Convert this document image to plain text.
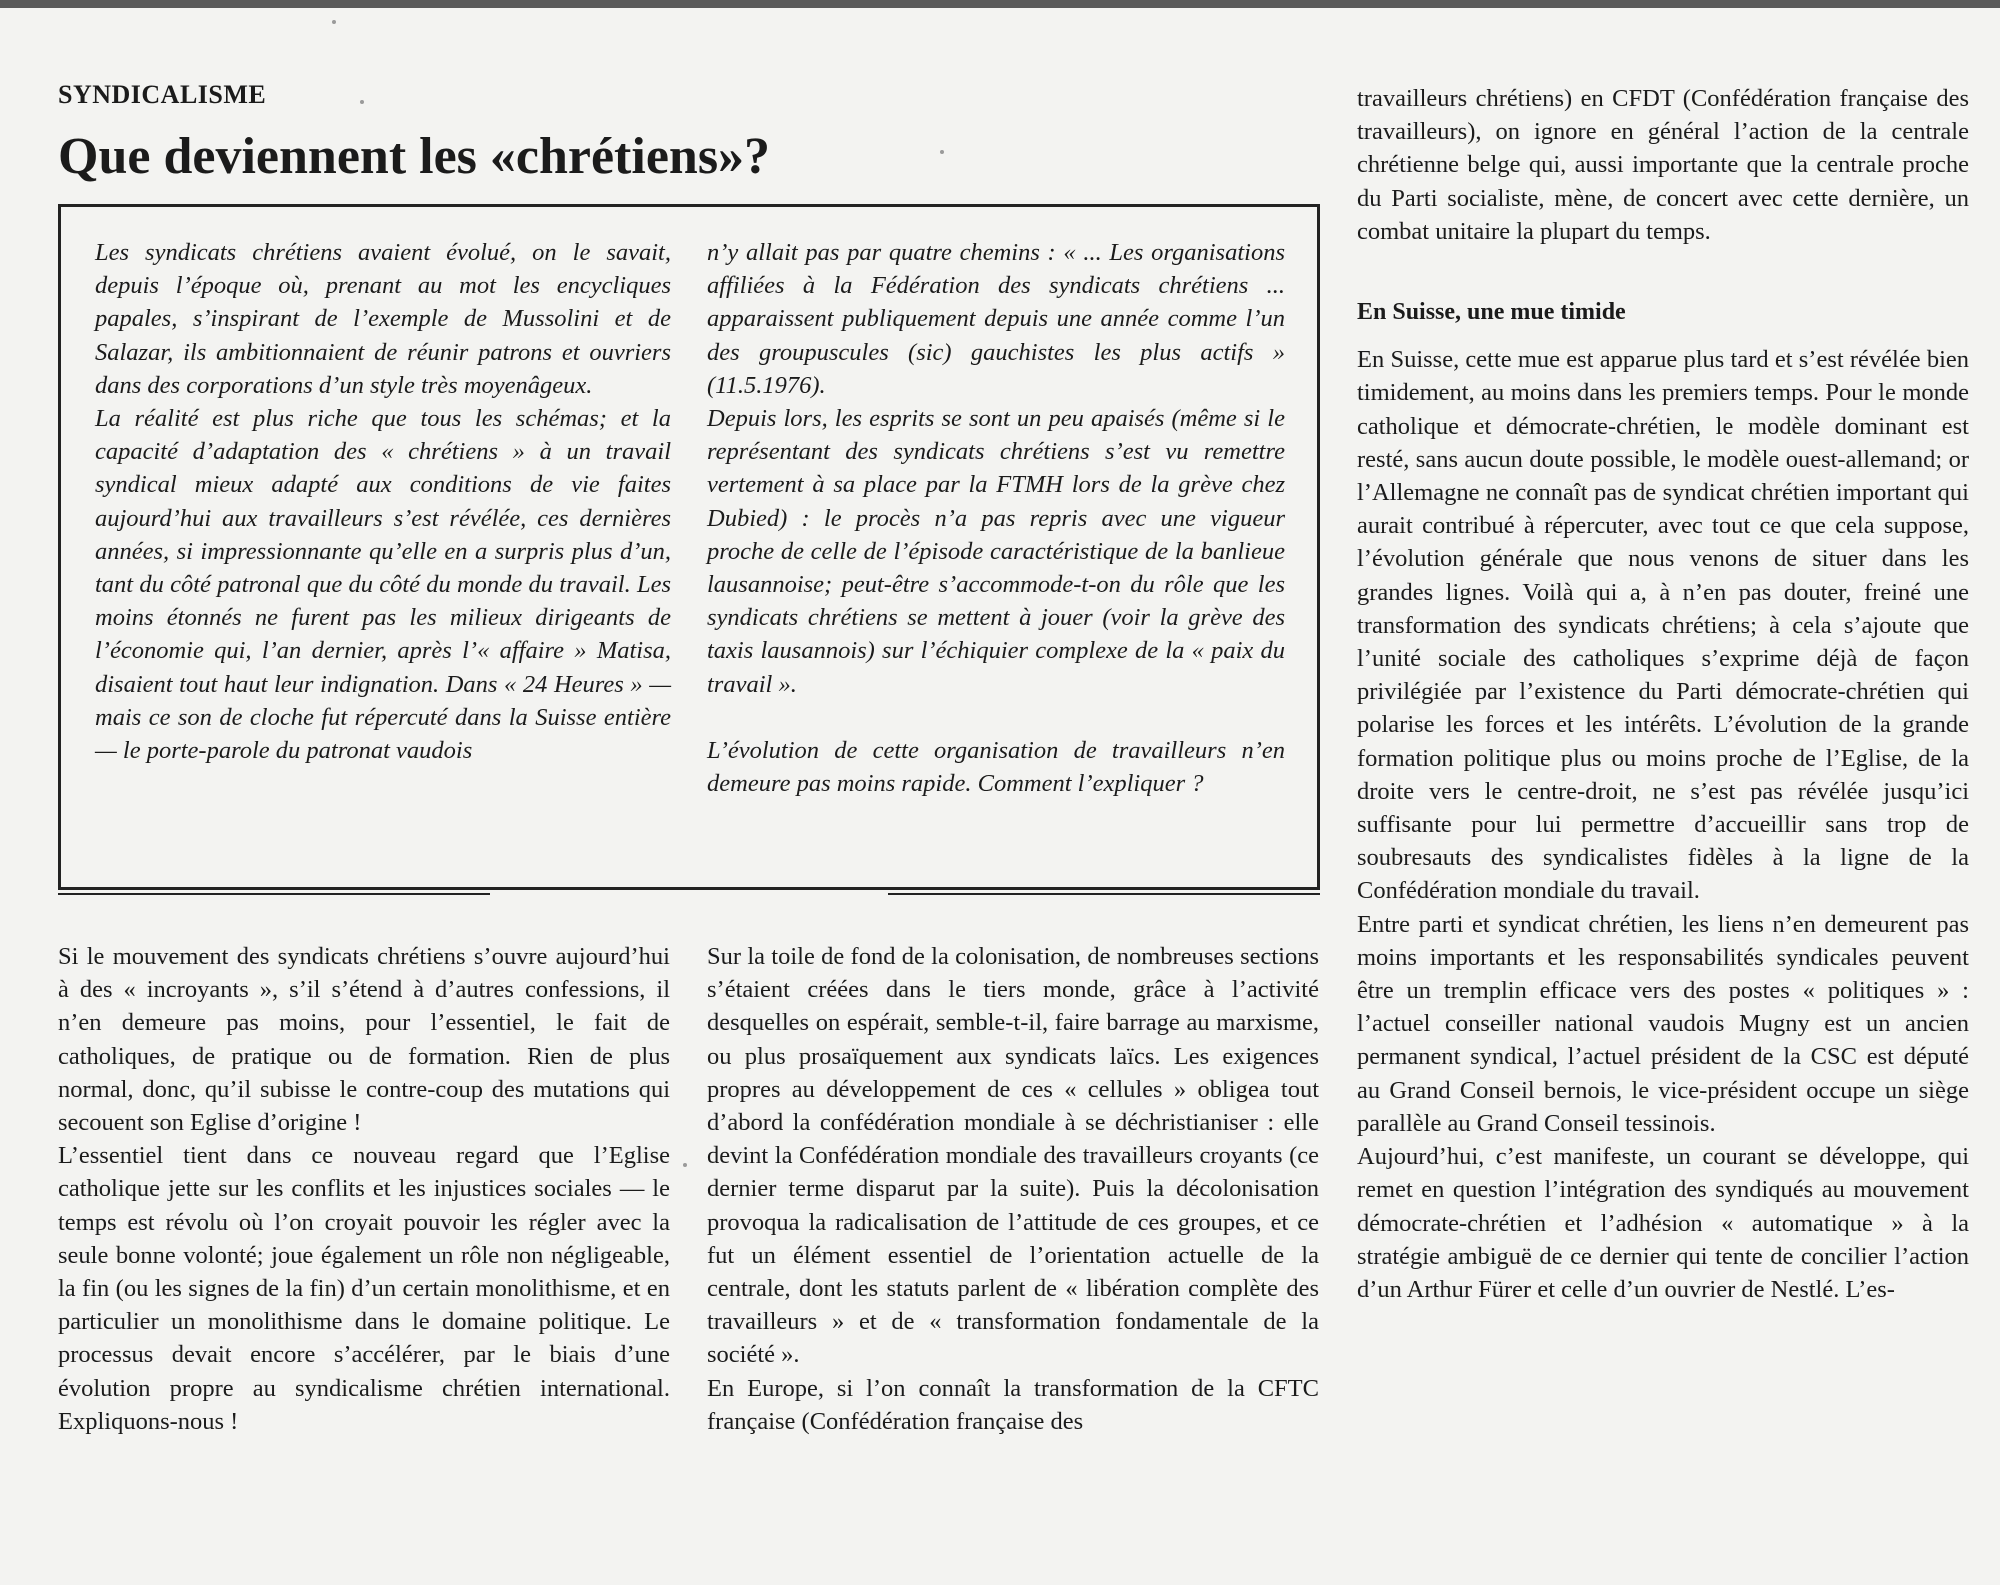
SYNDICALISME
Que deviennent les «chrétiens»?

Les syndicats chrétiens avaient évolué, on le savait, depuis l’époque où, prenant au mot les encycliques papales, s’inspirant de l’exemple de Mussolini et de Salazar, ils ambitionnaient de réunir patrons et ouvriers dans des corporations d’un style très moyenâgeux.

La réalité est plus riche que tous les schémas; et la capacité d’adaptation des « chrétiens » à un travail syndical mieux adapté aux conditions de vie faites aujourd’hui aux travailleurs s’est révélée, ces dernières années, si impressionnante qu’elle en a surpris plus d’un, tant du côté patronal que du côté du monde du travail. Les moins étonnés ne furent pas les milieux dirigeants de l’économie qui, l’an dernier, après l’« affaire » Matisa, disaient tout haut leur indignation. Dans « 24 Heures » — mais ce son de cloche fut répercuté dans la Suisse entière — le porte-parole du patronat vaudois

n’y allait pas par quatre chemins : « ... Les organisations affiliées à la Fédération des syndicats chrétiens ... apparaissent publiquement depuis une année comme l’un des groupuscules (sic) gauchistes les plus actifs » (11.5.1976).

Depuis lors, les esprits se sont un peu apaisés (même si le représentant des syndicats chrétiens s’est vu remettre vertement à sa place par la FTMH lors de la grève chez Dubied) : le procès n’a pas repris avec une vigueur proche de celle de l’épisode caractéristique de la banlieue lausannoise; peut-être s’accommode-t-on du rôle que les syndicats chrétiens se mettent à jouer (voir la grève des taxis lausannois) sur l’échiquier complexe de la « paix du travail ».

L’évolution de cette organisation de travailleurs n’en demeure pas moins rapide. Comment l’expliquer ?

Si le mouvement des syndicats chrétiens s’ouvre aujourd’hui à des « incroyants », s’il s’étend à d’autres confessions, il n’en demeure pas moins, pour l’essentiel, le fait de catholiques, de pratique ou de formation. Rien de plus normal, donc, qu’il subisse le contre-coup des mutations qui secouent son Eglise d’origine !

L’essentiel tient dans ce nouveau regard que l’Eglise catholique jette sur les conflits et les injustices sociales — le temps est révolu où l’on croyait pouvoir les régler avec la seule bonne volonté; joue également un rôle non négligeable, la fin (ou les signes de la fin) d’un certain monolithisme, et en particulier un monolithisme dans le domaine politique. Le processus devait encore s’accélérer, par le biais d’une évolution propre au syndicalisme chrétien international. Expliquons-nous !

Sur la toile de fond de la colonisation, de nombreuses sections s’étaient créées dans le tiers monde, grâce à l’activité desquelles on espérait, semble-t-il, faire barrage au marxisme, ou plus prosaïquement aux syndicats laïcs. Les exigences propres au développement de ces « cellules » obligea tout d’abord la confédération mondiale à se déchristianiser : elle devint la Confédération mondiale des travailleurs croyants (ce dernier terme disparut par la suite). Puis la décolonisation provoqua la radicalisation de l’attitude de ces groupes, et ce fut un élément essentiel de l’orientation actuelle de la centrale, dont les statuts parlent de « libération complète des travailleurs » et de « transformation fondamentale de la société ».

En Europe, si l’on connaît la transformation de la CFTC française (Confédération française des

travailleurs chrétiens) en CFDT (Confédération française des travailleurs), on ignore en général l’action de la centrale chrétienne belge qui, aussi importante que la centrale proche du Parti socialiste, mène, de concert avec cette dernière, un combat unitaire la plupart du temps.

En Suisse, une mue timide

En Suisse, cette mue est apparue plus tard et s’est révélée bien timidement, au moins dans les premiers temps. Pour le monde catholique et démocrate-chrétien, le modèle dominant est resté, sans aucun doute possible, le modèle ouest-allemand; or l’Allemagne ne connaît pas de syndicat chrétien important qui aurait contribué à répercuter, avec tout ce que cela suppose, l’évolution générale que nous venons de situer dans les grandes lignes. Voilà qui a, à n’en pas douter, freiné une transformation des syndicats chrétiens; à cela s’ajoute que l’unité sociale des catholiques s’exprime déjà de façon privilégiée par l’existence du Parti démocrate-chrétien qui polarise les forces et les intérêts. L’évolution de la grande formation politique plus ou moins proche de l’Eglise, de la droite vers le centre-droit, ne s’est pas révélée jusqu’ici suffisante pour lui permettre d’accueillir sans trop de soubresauts des syndicalistes fidèles à la ligne de la Confédération mondiale du travail.

Entre parti et syndicat chrétien, les liens n’en demeurent pas moins importants et les responsabilités syndicales peuvent être un tremplin efficace vers des postes « politiques » : l’actuel conseiller national vaudois Mugny est un ancien permanent syndical, l’actuel président de la CSC est député au Grand Conseil bernois, le vice-président occupe un siège parallèle au Grand Conseil tessinois.

Aujourd’hui, c’est manifeste, un courant se développe, qui remet en question l’intégration des syndiqués au mouvement démocrate-chrétien et l’adhésion « automatique » à la stratégie ambiguë de ce dernier qui tente de concilier l’action d’un Arthur Fürer et celle d’un ouvrier de Nestlé. L’es-
